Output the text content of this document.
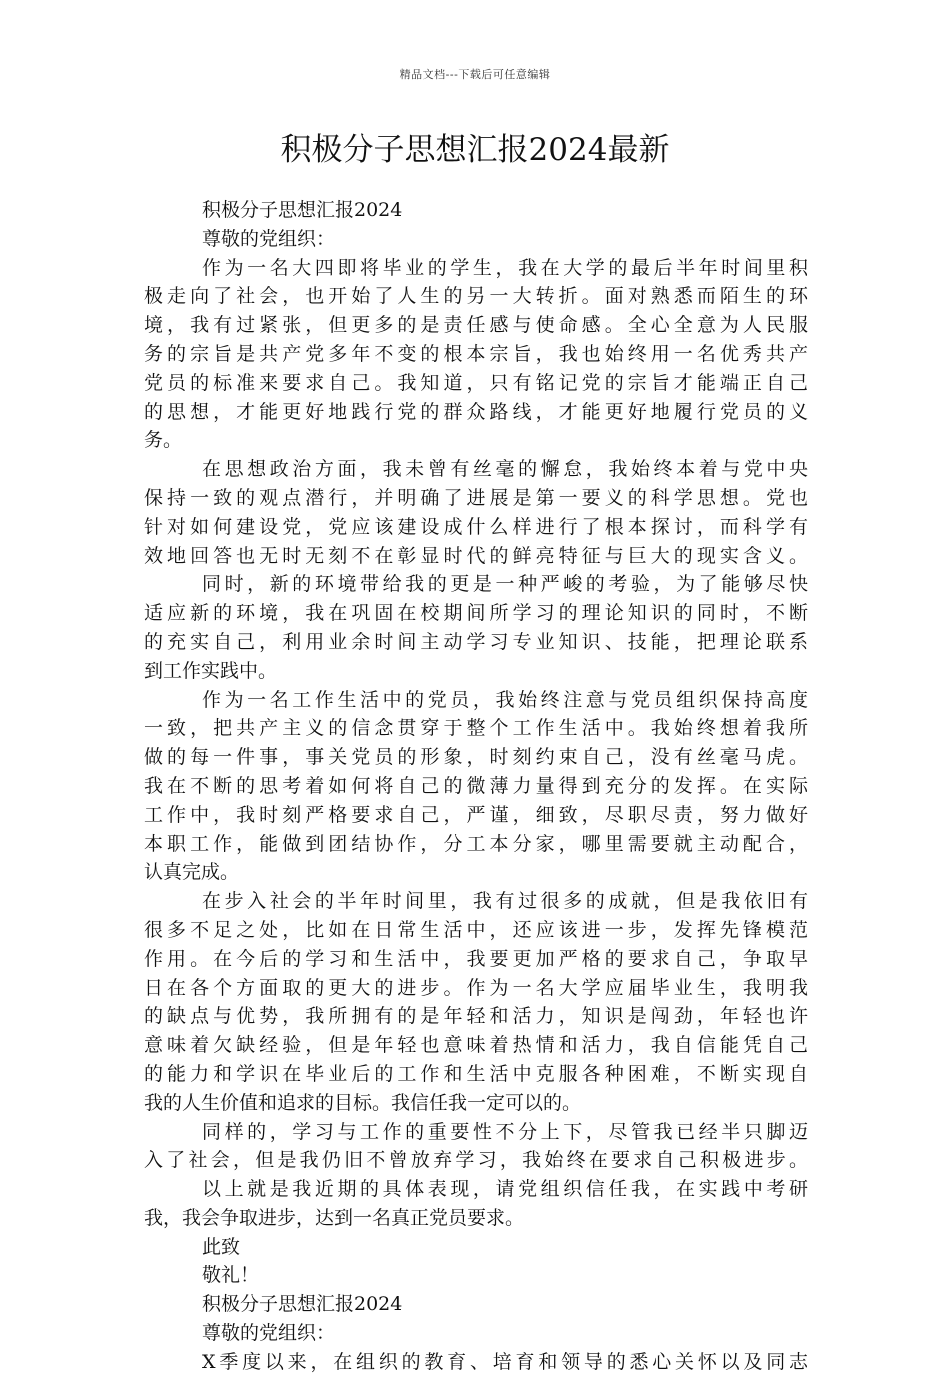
精品文档---下载后可任意编辑
积极分子思想汇报2024最新
积极分子思想汇报2024
尊敬的党组织：
作为一名大四即将毕业的学生，我在大学的最后半年时间里积
极走向了社会，也开始了人生的另一大转折。面对熟悉而陌生的环
境，我有过紧张，但更多的是责任感与使命感。全心全意为人民服
务的宗旨是共产党多年不变的根本宗旨，我也始终用一名优秀共产
党员的标准来要求自己。我知道，只有铭记党的宗旨才能端正自己
的思想，才能更好地践行党的群众路线，才能更好地履行党员的义
务。
在思想政治方面，我未曾有丝毫的懈怠，我始终本着与党中央
保持一致的观点潜行，并明确了进展是第一要义的科学思想。党也
针对如何建设党，党应该建设成什么样进行了根本探讨，而科学有
效地回答也无时无刻不在彰显时代的鲜亮特征与巨大的现实含义。
同时，新的环境带给我的更是一种严峻的考验，为了能够尽快
适应新的环境，我在巩固在校期间所学习的理论知识的同时，不断
的充实自己，利用业余时间主动学习专业知识、技能，把理论联系
到工作实践中。
作为一名工作生活中的党员，我始终注意与党员组织保持高度
一致，把共产主义的信念贯穿于整个工作生活中。我始终想着我所
做的每一件事，事关党员的形象，时刻约束自己，没有丝毫马虎。
我在不断的思考着如何将自己的微薄力量得到充分的发挥。在实际
工作中，我时刻严格要求自己，严谨，细致，尽职尽责，努力做好
本职工作，能做到团结协作，分工本分家，哪里需要就主动配合，
认真完成。
在步入社会的半年时间里，我有过很多的成就，但是我依旧有
很多不足之处，比如在日常生活中，还应该进一步，发挥先锋模范
作用。在今后的学习和生活中，我要更加严格的要求自己，争取早
日在各个方面取的更大的进步。作为一名大学应届毕业生，我明我
的缺点与优势，我所拥有的是年轻和活力，知识是闯劲，年轻也许
意味着欠缺经验，但是年轻也意味着热情和活力，我自信能凭自己
的能力和学识在毕业后的工作和生活中克服各种困难，不断实现自
我的人生价值和追求的目标。我信任我一定可以的。
同样的，学习与工作的重要性不分上下，尽管我已经半只脚迈
入了社会，但是我仍旧不曾放弃学习，我始终在要求自己积极进步。
以上就是我近期的具体表现，请党组织信任我，在实践中考研
我，我会争取进步，达到一名真正党员要求。
此致
敬礼！
积极分子思想汇报2024
尊敬的党组织：
X季度以来，在组织的教育、培育和领导的悉心关怀以及同志
